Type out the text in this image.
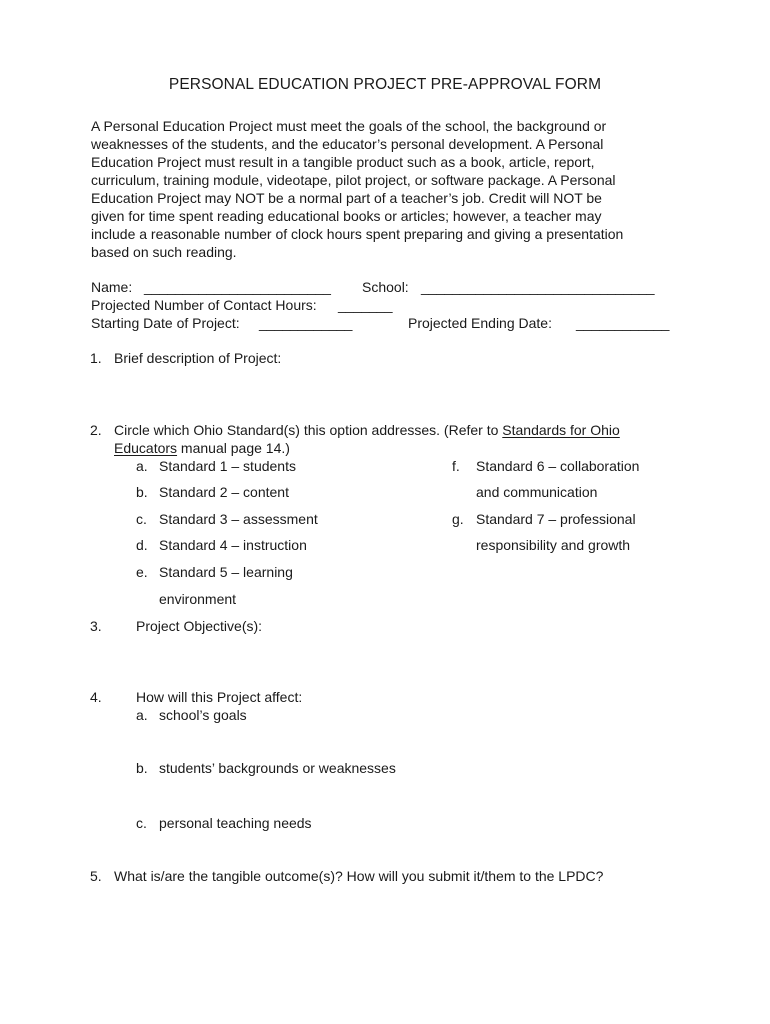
PERSONAL EDUCATION PROJECT PRE-APPROVAL FORM
A Personal Education Project must meet the goals of the school, the background or
weaknesses of the students, and the educator’s personal development. A Personal
Education Project must result in a tangible product such as a book, article, report,
curriculum, training module, videotape, pilot project, or software package. A Personal
Education Project may NOT be a normal part of a teacher’s job. Credit will NOT be
given for time spent reading educational books or articles; however, a teacher may
include a reasonable number of clock hours spent preparing and giving a presentation
based on such reading.
Name: ________________________ School: ______________________________
Projected Number of Contact Hours: _______
Starting Date of Project: ____________	Projected Ending Date: ____________
1. Brief description of Project:
2. Circle which Ohio Standard(s) this option addresses. (Refer to Standards for Ohio
Educators manual page 14.)
a. Standard 1 – students
b. Standard 2 – content
c. Standard 3 – assessment
d. Standard 4 – instruction
e. Standard 5 – learning
environment
f. Standard 6 – collaboration
and communication
g. Standard 7 – professional
responsibility and growth
3. Project Objective(s):
4. How will this Project affect:
a. school’s goals
b. students’ backgrounds or weaknesses
c. personal teaching needs
5. What is/are the tangible outcome(s)? How will you submit it/them to the LPDC?
